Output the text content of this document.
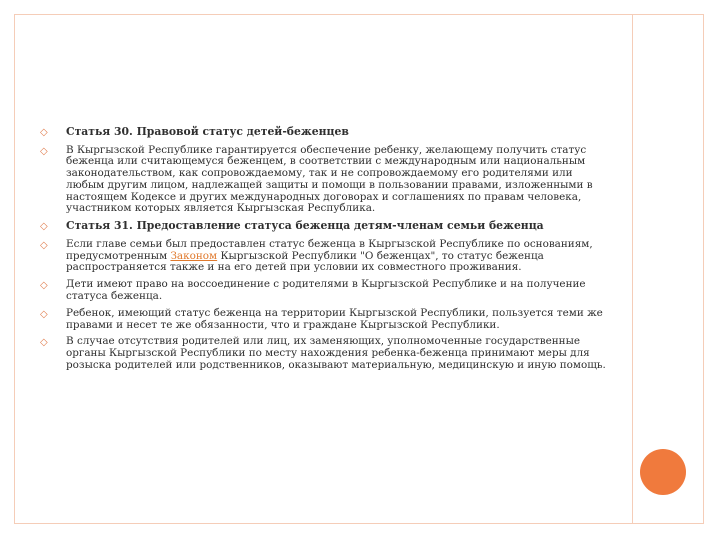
◇ Статья 30. Правовой статус детей-беженцев
◇ В Кыргызской Республике гарантируется обеспечение ребенку, желающему получить статус беженца или считающемуся беженцем, в соответствии с международным или национальным законодательством, как сопровождаемому, так и не сопровождаемому его родителями или любым другим лицом, надлежащей защиты и помощи в пользовании правами, изложенными в настоящем Кодексе и других международных договорах и соглашениях по правам человека, участником которых является Кыргызская Республика.
◇ Статья 31. Предоставление статуса беженца детям-членам семьи беженца
◇ Если главе семьи был предоставлен статус беженца в Кыргызской Республике по основаниям, предусмотренным Законом Кыргызской Республики "О беженцах", то статус беженца распространяется также и на его детей при условии их совместного проживания.
◇ Дети имеют право на воссоединение с родителями в Кыргызской Республике и на получение статуса беженца.
◇ Ребенок, имеющий статус беженца на территории Кыргызской Республики, пользуется теми же правами и несет те же обязанности, что и граждане Кыргызской Республики.
◇ В случае отсутствия родителей или лиц, их заменяющих, уполномоченные государственные органы Кыргызской Республики по месту нахождения ребенка-беженца принимают меры для розыска родителей или родственников, оказывают материальную, медицинскую и иную помощь.
